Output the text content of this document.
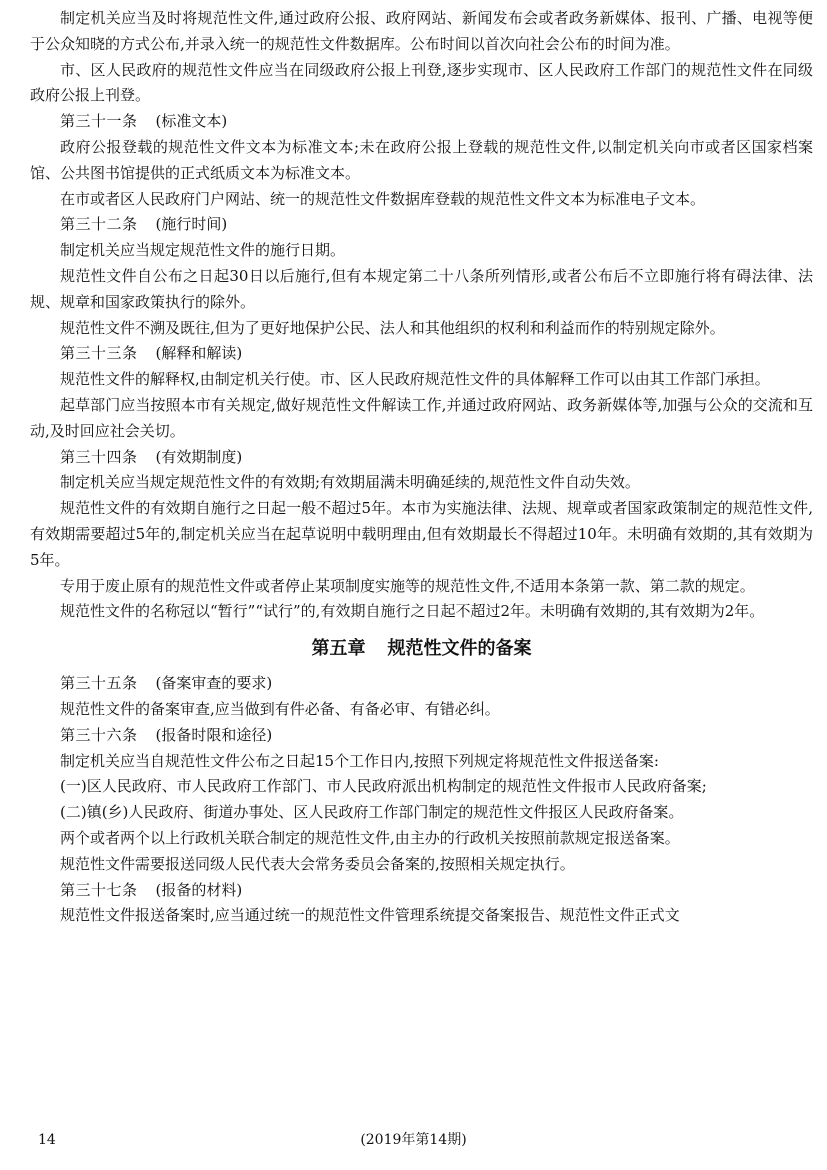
制定机关应当及时将规范性文件,通过政府公报、政府网站、新闻发布会或者政务新媒体、报刊、广播、电视等便于公众知晓的方式公布,并录入统一的规范性文件数据库。公布时间以首次向社会公布的时间为准。

市、区人民政府的规范性文件应当在同级政府公报上刊登,逐步实现市、区人民政府工作部门的规范性文件在同级政府公报上刊登。

第三十一条 (标准文本)

政府公报登载的规范性文件文本为标准文本;未在政府公报上登载的规范性文件,以制定机关向市或者区国家档案馆、公共图书馆提供的正式纸质文本为标准文本。

在市或者区人民政府门户网站、统一的规范性文件数据库登载的规范性文件文本为标准电子文本。

第三十二条 (施行时间)

制定机关应当规定规范性文件的施行日期。

规范性文件自公布之日起30日以后施行,但有本规定第二十八条所列情形,或者公布后不立即施行将有碍法律、法规、规章和国家政策执行的除外。

规范性文件不溯及既往,但为了更好地保护公民、法人和其他组织的权利和利益而作的特别规定除外。

第三十三条 (解释和解读)

规范性文件的解释权,由制定机关行使。市、区人民政府规范性文件的具体解释工作可以由其工作部门承担。

起草部门应当按照本市有关规定,做好规范性文件解读工作,并通过政府网站、政务新媒体等,加强与公众的交流和互动,及时回应社会关切。

第三十四条 (有效期制度)

制定机关应当规定规范性文件的有效期;有效期届满未明确延续的,规范性文件自动失效。

规范性文件的有效期自施行之日起一般不超过5年。本市为实施法律、法规、规章或者国家政策制定的规范性文件,有效期需要超过5年的,制定机关应当在起草说明中载明理由,但有效期最长不得超过10年。未明确有效期的,其有效期为5年。

专用于废止原有的规范性文件或者停止某项制度实施等的规范性文件,不适用本条第一款、第二款的规定。

规范性文件的名称冠以“暂行”“试行”的,有效期自施行之日起不超过2年。未明确有效期的,其有效期为2年。

第五章 规范性文件的备案

第三十五条 (备案审查的要求)

规范性文件的备案审查,应当做到有件必备、有备必审、有错必纠。

第三十六条 (报备时限和途径)

制定机关应当自规范性文件公布之日起15个工作日内,按照下列规定将规范性文件报送备案:

(一)区人民政府、市人民政府工作部门、市人民政府派出机构制定的规范性文件报市人民政府备案;

(二)镇(乡)人民政府、街道办事处、区人民政府工作部门制定的规范性文件报区人民政府备案。

两个或者两个以上行政机关联合制定的规范性文件,由主办的行政机关按照前款规定报送备案。

规范性文件需要报送同级人民代表大会常务委员会备案的,按照相关规定执行。

第三十七条 (报备的材料)

规范性文件报送备案时,应当通过统一的规范性文件管理系统提交备案报告、规范性文件正式文

14	(2019年第14期)
